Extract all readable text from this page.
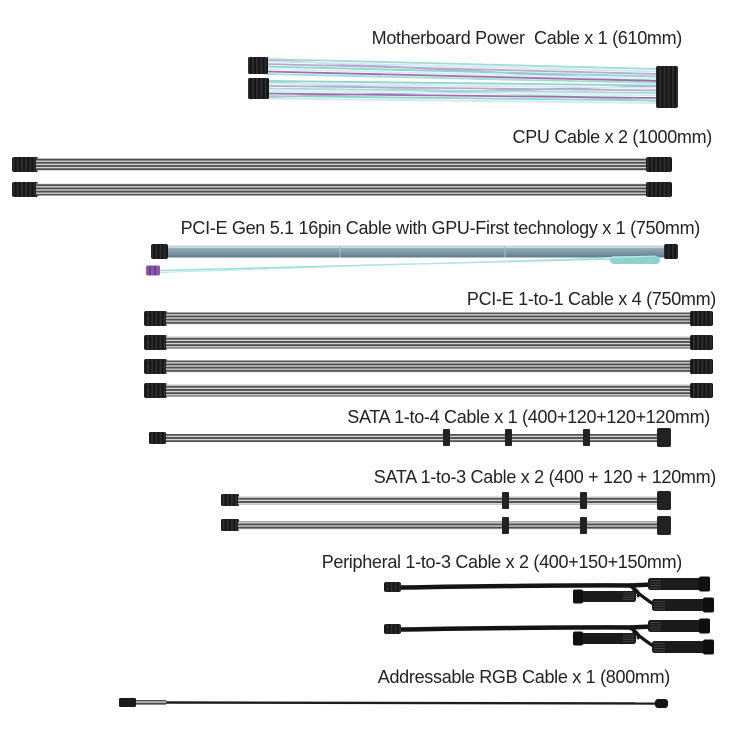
Motherboard Power  Cable x 1 (610mm)
CPU Cable x 2 (1000mm)
PCI-E Gen 5.1 16pin Cable with GPU-First technology x 1 (750mm)
PCI-E 1-to-1 Cable x 4 (750mm)
SATA 1-to-4 Cable x 1 (400+120+120+120mm)
SATA 1-to-3 Cable x 2 (400 + 120 + 120mm)
Peripheral 1-to-3 Cable x 2 (400+150+150mm)
Addressable RGB Cable x 1 (800mm)
